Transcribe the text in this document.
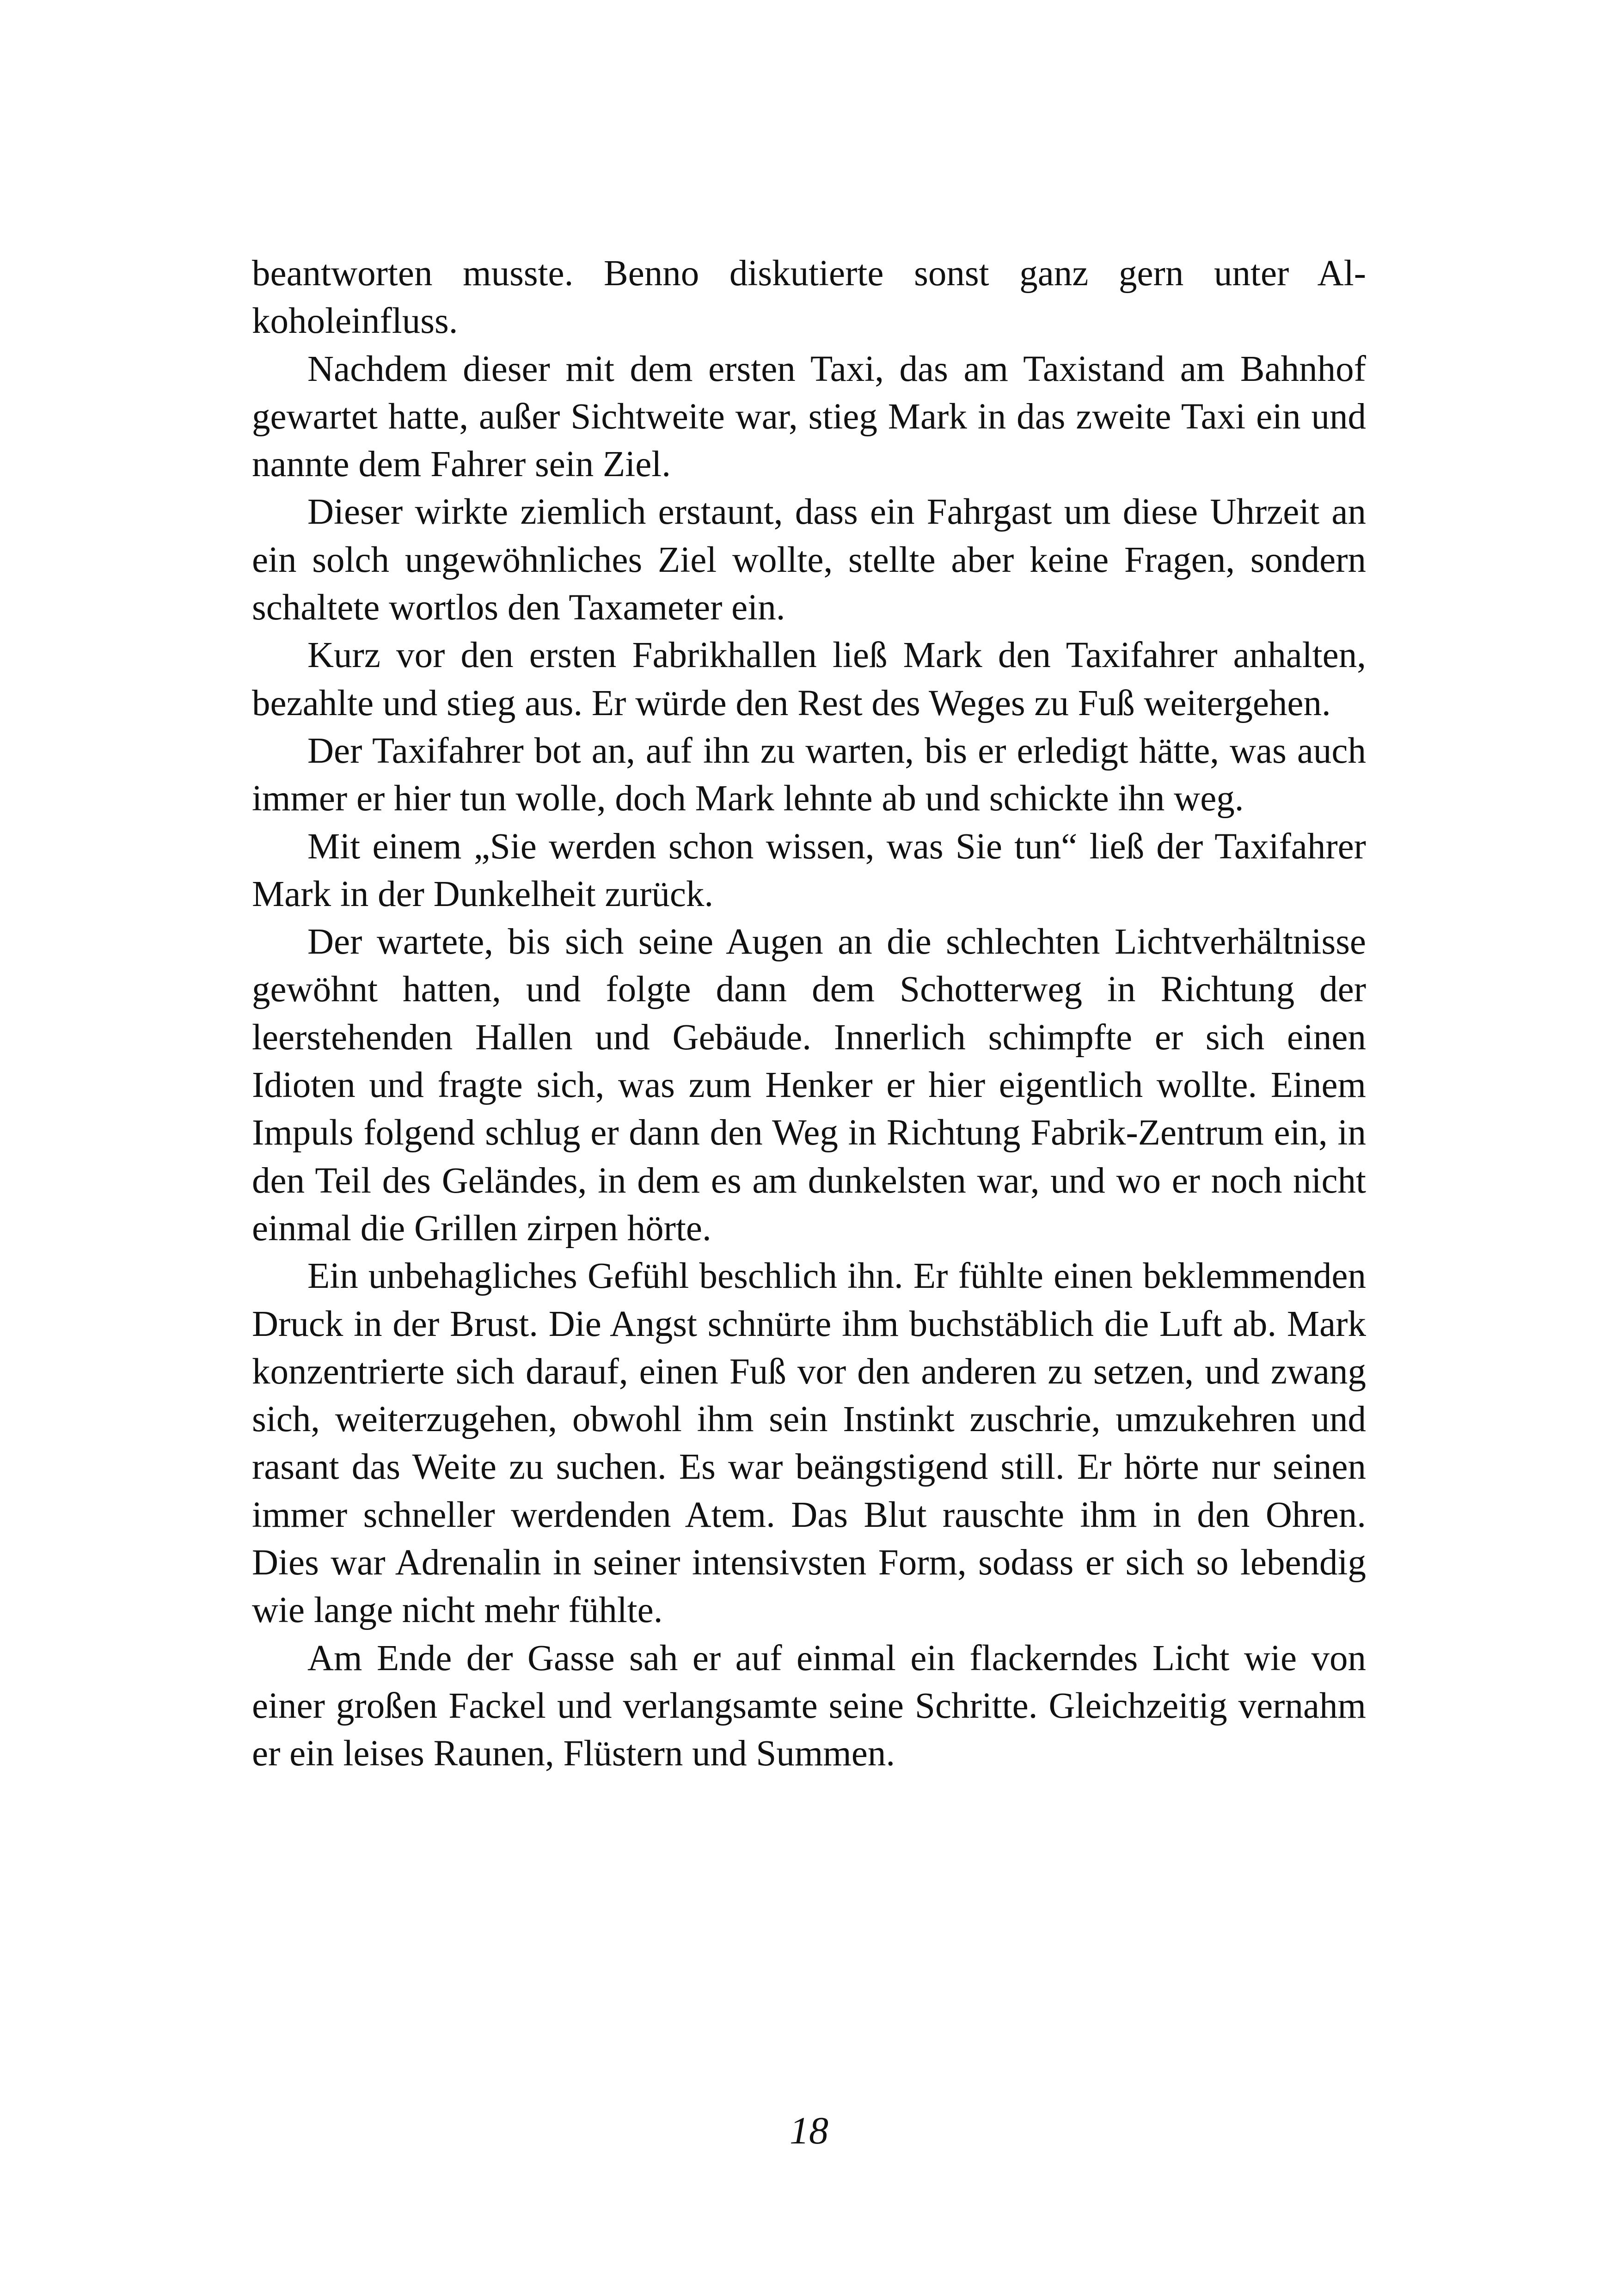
beantworten musste. Benno diskutierte sonst ganz gern unter Alkoholeinfluss.

Nachdem dieser mit dem ersten Taxi, das am Taxistand am Bahnhof gewartet hatte, außer Sichtweite war, stieg Mark in das zweite Taxi ein und nannte dem Fahrer sein Ziel.

Dieser wirkte ziemlich erstaunt, dass ein Fahrgast um diese Uhrzeit an ein solch ungewöhnliches Ziel wollte, stellte aber keine Fragen, sondern schaltete wortlos den Taxameter ein.

Kurz vor den ersten Fabrikhallen ließ Mark den Taxifahrer anhalten, bezahlte und stieg aus. Er würde den Rest des Weges zu Fuß weitergehen.

Der Taxifahrer bot an, auf ihn zu warten, bis er erledigt hätte, was auch immer er hier tun wolle, doch Mark lehnte ab und schickte ihn weg.

Mit einem „Sie werden schon wissen, was Sie tun“ ließ der Taxifahrer Mark in der Dunkelheit zurück.

Der wartete, bis sich seine Augen an die schlechten Lichtverhältnisse gewöhnt hatten, und folgte dann dem Schotterweg in Richtung der leerstehenden Hallen und Gebäude. Innerlich schimpfte er sich einen Idioten und fragte sich, was zum Henker er hier eigentlich wollte. Einem Impuls folgend schlug er dann den Weg in Richtung Fabrik-Zentrum ein, in den Teil des Geländes, in dem es am dunkelsten war, und wo er noch nicht einmal die Grillen zirpen hörte.

Ein unbehagliches Gefühl beschlich ihn. Er fühlte einen beklemmenden Druck in der Brust. Die Angst schnürte ihm buchstäblich die Luft ab. Mark konzentrierte sich darauf, einen Fuß vor den anderen zu setzen, und zwang sich, weiterzugehen, obwohl ihm sein Instinkt zuschrie, umzukehren und rasant das Weite zu suchen. Es war beängstigend still. Er hörte nur seinen immer schneller werdenden Atem. Das Blut rauschte ihm in den Ohren. Dies war Adrenalin in seiner intensivsten Form, sodass er sich so lebendig wie lange nicht mehr fühlte.

Am Ende der Gasse sah er auf einmal ein flackerndes Licht wie von einer großen Fackel und verlangsamte seine Schritte. Gleichzeitig vernahm er ein leises Raunen, Flüstern und Summen.

18
